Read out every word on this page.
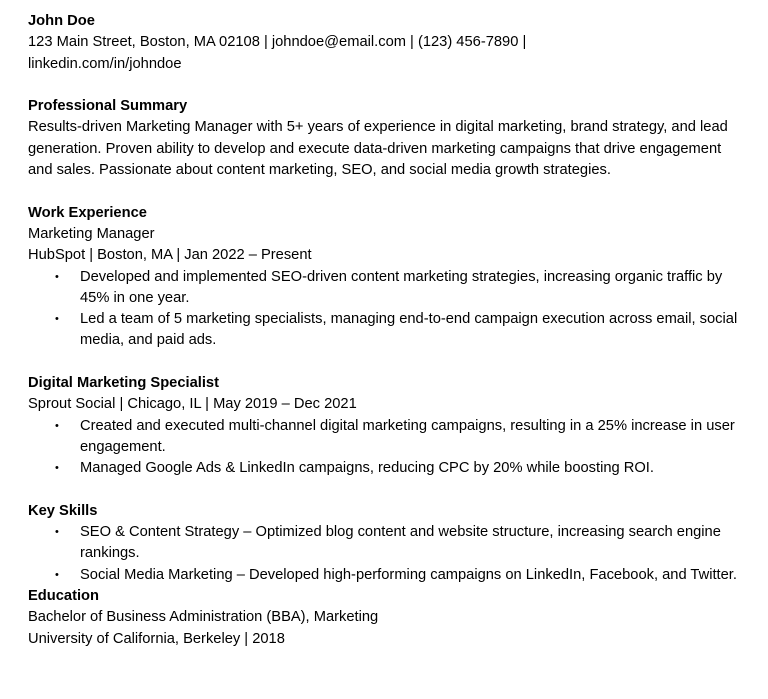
John Doe
123 Main Street, Boston, MA 02108 | johndoe@email.com | (123) 456-7890 |
linkedin.com/in/johndoe
Professional Summary
Results-driven Marketing Manager with 5+ years of experience in digital marketing, brand strategy, and lead generation. Proven ability to develop and execute data-driven marketing campaigns that drive engagement and sales. Passionate about content marketing, SEO, and social media growth strategies.
Work Experience
Marketing Manager
HubSpot | Boston, MA | Jan 2022 – Present
• Developed and implemented SEO-driven content marketing strategies, increasing organic traffic by 45% in one year.
• Led a team of 5 marketing specialists, managing end-to-end campaign execution across email, social media, and paid ads.
Digital Marketing Specialist
Sprout Social | Chicago, IL | May 2019 – Dec 2021
• Created and executed multi-channel digital marketing campaigns, resulting in a 25% increase in user engagement.
• Managed Google Ads & LinkedIn campaigns, reducing CPC by 20% while boosting ROI.
Key Skills
• SEO & Content Strategy – Optimized blog content and website structure, increasing search engine rankings.
• Social Media Marketing – Developed high-performing campaigns on LinkedIn, Facebook, and Twitter.
Education
Bachelor of Business Administration (BBA), Marketing
University of California, Berkeley | 2018
